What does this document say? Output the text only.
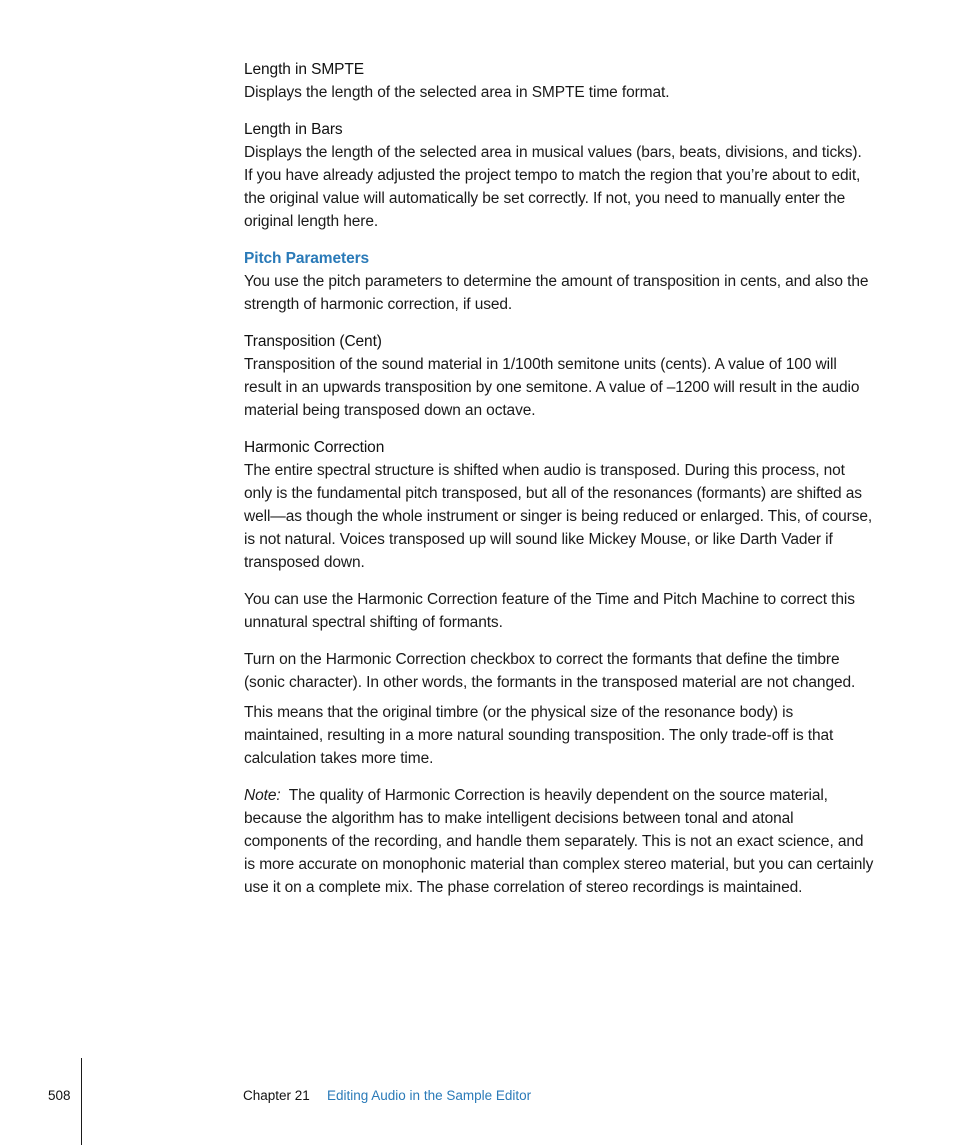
Length in SMPTE

Displays the length of the selected area in SMPTE time format.

Length in Bars

Displays the length of the selected area in musical values (bars, beats, divisions, and ticks). If you have already adjusted the project tempo to match the region that you’re about to edit, the original value will automatically be set correctly. If not, you need to manually enter the original length here.

Pitch Parameters

You use the pitch parameters to determine the amount of transposition in cents, and also the strength of harmonic correction, if used.

Transposition (Cent)

Transposition of the sound material in 1/100th semitone units (cents). A value of 100 will result in an upwards transposition by one semitone. A value of –1200 will result in the audio material being transposed down an octave.

Harmonic Correction

The entire spectral structure is shifted when audio is transposed. During this process, not only is the fundamental pitch transposed, but all of the resonances (formants) are shifted as well—as though the whole instrument or singer is being reduced or enlarged. This, of course, is not natural. Voices transposed up will sound like Mickey Mouse, or like Darth Vader if transposed down.

You can use the Harmonic Correction feature of the Time and Pitch Machine to correct this unnatural spectral shifting of formants.

Turn on the Harmonic Correction checkbox to correct the formants that define the timbre (sonic character). In other words, the formants in the transposed material are not changed.

This means that the original timbre (or the physical size of the resonance body) is maintained, resulting in a more natural sounding transposition. The only trade-off is that calculation takes more time.

Note: The quality of Harmonic Correction is heavily dependent on the source material, because the algorithm has to make intelligent decisions between tonal and atonal components of the recording, and handle them separately. This is not an exact science, and is more accurate on monophonic material than complex stereo material, but you can certainly use it on a complete mix. The phase correlation of stereo recordings is maintained.

508	Chapter 21 Editing Audio in the Sample Editor
